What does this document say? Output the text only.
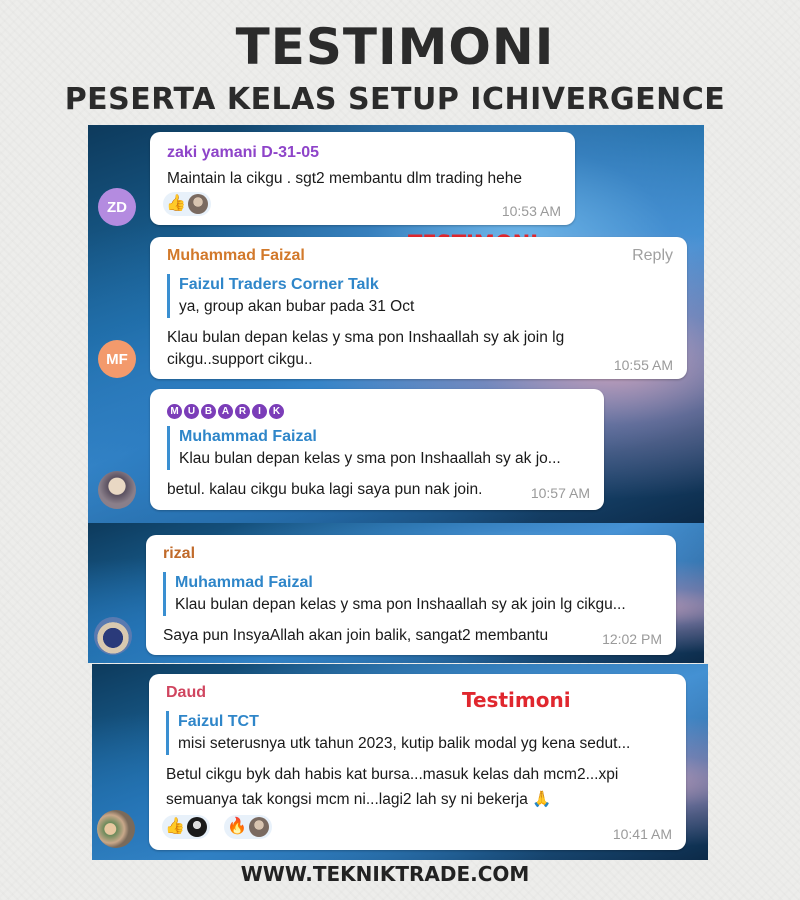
TESTIMONI
PESERTA KELAS SETUP ICHIVERGENCE
ZD
zaki yamani D-31-05
Maintain la cikgu . sgt2 membantu dlm trading hehe
👍	10:53 AM
MF
Muhammad Faizal	Reply
Faizul Traders Corner Talk
ya, group akan bubar pada 31 Oct
Klau bulan depan kelas y sma pon Inshaallah sy ak join lg
cikgu..support cikgu..	10:55 AM
M U B A R I K
Muhammad Faizal
Klau bulan depan kelas y sma pon Inshaallah sy ak jo...
betul. kalau cikgu buka lagi saya pun nak join.	10:57 AM
rizal
Muhammad Faizal
Klau bulan depan kelas y sma pon Inshaallah sy ak join lg cikgu...
Saya pun InsyaAllah akan join balik, sangat2 membantu	12:02 PM
Daud
Faizul TCT
misi seterusnya utk tahun 2023, kutip balik modal yg kena sedut...
Betul cikgu byk dah habis kat bursa...masuk kelas dah mcm2...xpi
semuanya tak kongsi mcm ni...lagi2 lah sy ni bekerja 🙏
👍	🔥	10:41 AM
Testimoni
WWW.TEKNIKTRADE.COM
